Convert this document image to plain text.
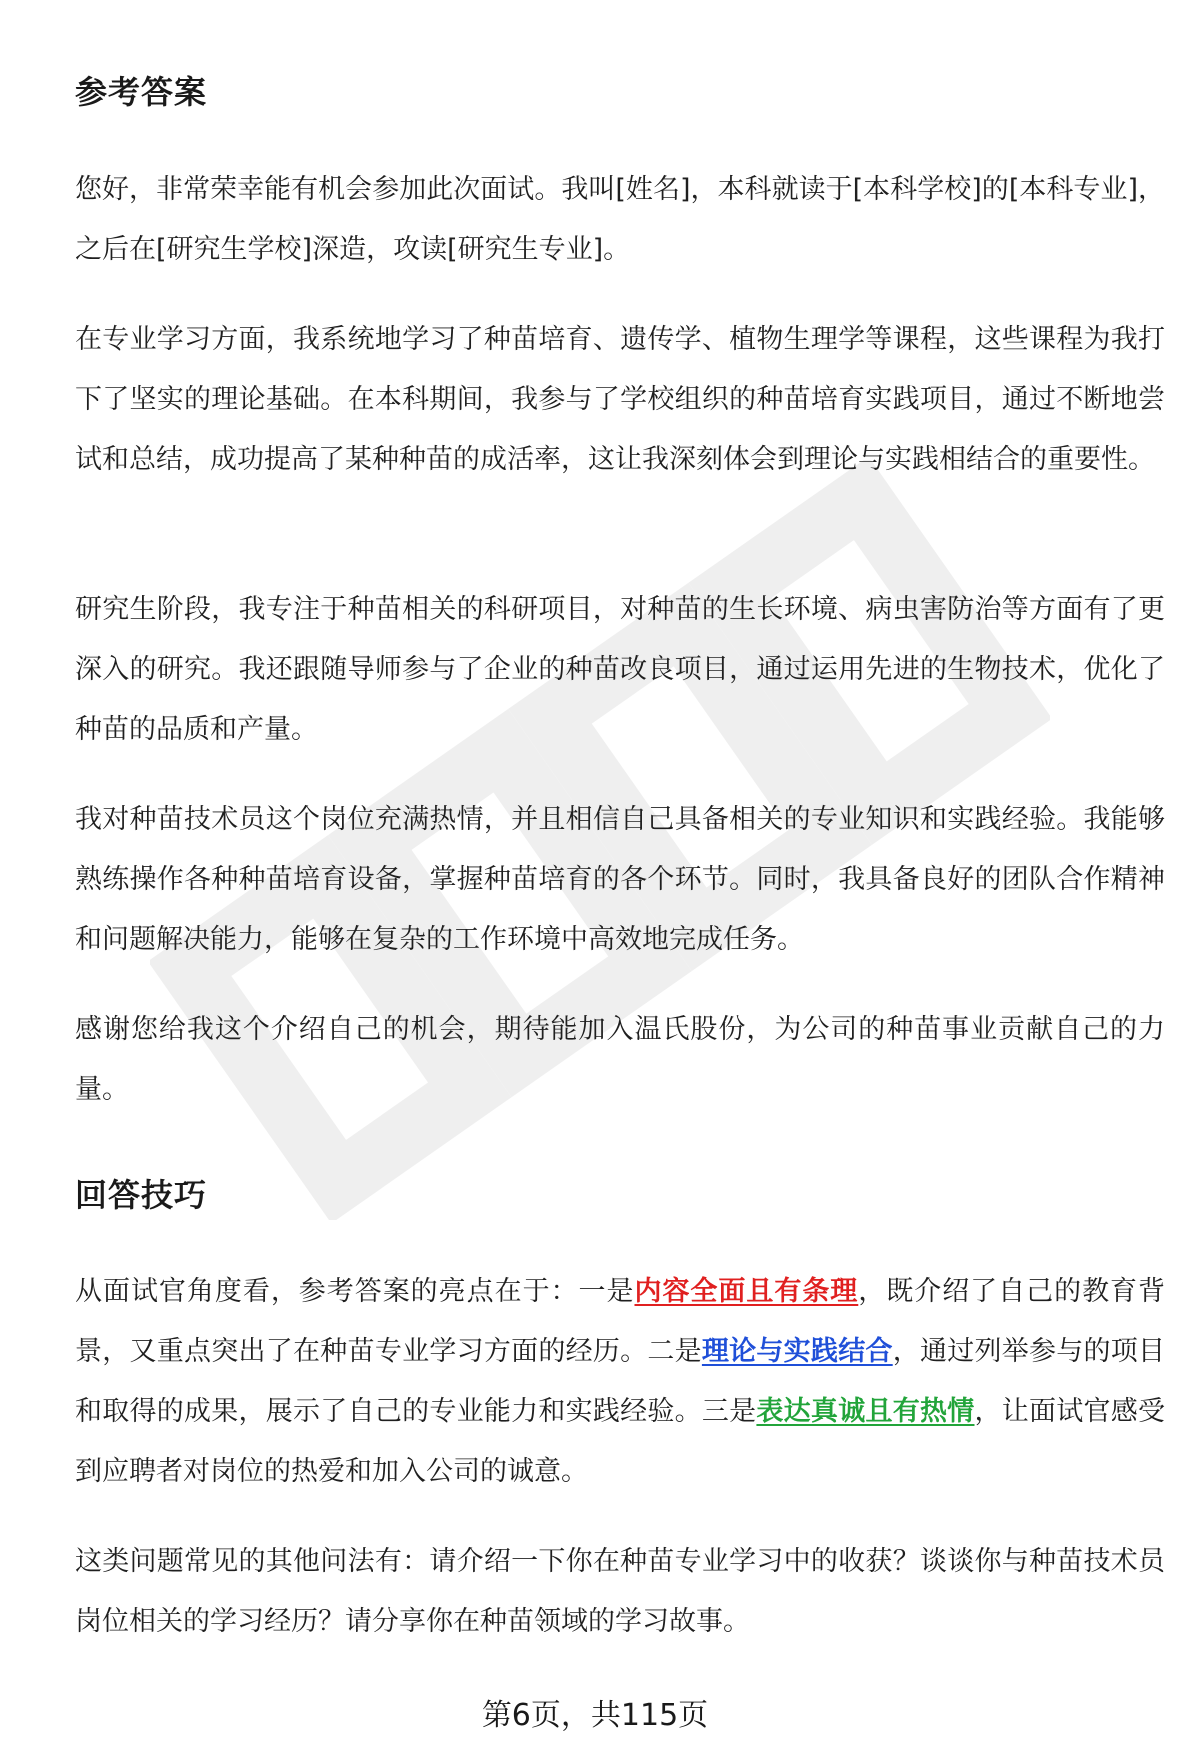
参考答案

您好，非常荣幸能有机会参加此次面试。我叫[姓名]，本科就读于[本科学校]的[本科专业]，之后在[研究生学校]深造，攻读[研究生专业]。

在专业学习方面，我系统地学习了种苗培育、遗传学、植物生理学等课程，这些课程为我打下了坚实的理论基础。在本科期间，我参与了学校组织的种苗培育实践项目，通过不断地尝试和总结，成功提高了某种种苗的成活率，这让我深刻体会到理论与实践相结合的重要性。

研究生阶段，我专注于种苗相关的科研项目，对种苗的生长环境、病虫害防治等方面有了更深入的研究。我还跟随导师参与了企业的种苗改良项目，通过运用先进的生物技术，优化了种苗的品质和产量。

我对种苗技术员这个岗位充满热情，并且相信自己具备相关的专业知识和实践经验。我能够熟练操作各种种苗培育设备，掌握种苗培育的各个环节。同时，我具备良好的团队合作精神和问题解决能力，能够在复杂的工作环境中高效地完成任务。

感谢您给我这个介绍自己的机会，期待能加入温氏股份，为公司的种苗事业贡献自己的力量。

回答技巧

从面试官角度看，参考答案的亮点在于：一是内容全面且有条理，既介绍了自己的教育背景，又重点突出了在种苗专业学习方面的经历。二是理论与实践结合，通过列举参与的项目和取得的成果，展示了自己的专业能力和实践经验。三是表达真诚且有热情，让面试官感受到应聘者对岗位的热爱和加入公司的诚意。

这类问题常见的其他问法有：请介绍一下你在种苗专业学习中的收获？谈谈你与种苗技术员岗位相关的学习经历？请分享你在种苗领域的学习故事。

第6页，共115页
